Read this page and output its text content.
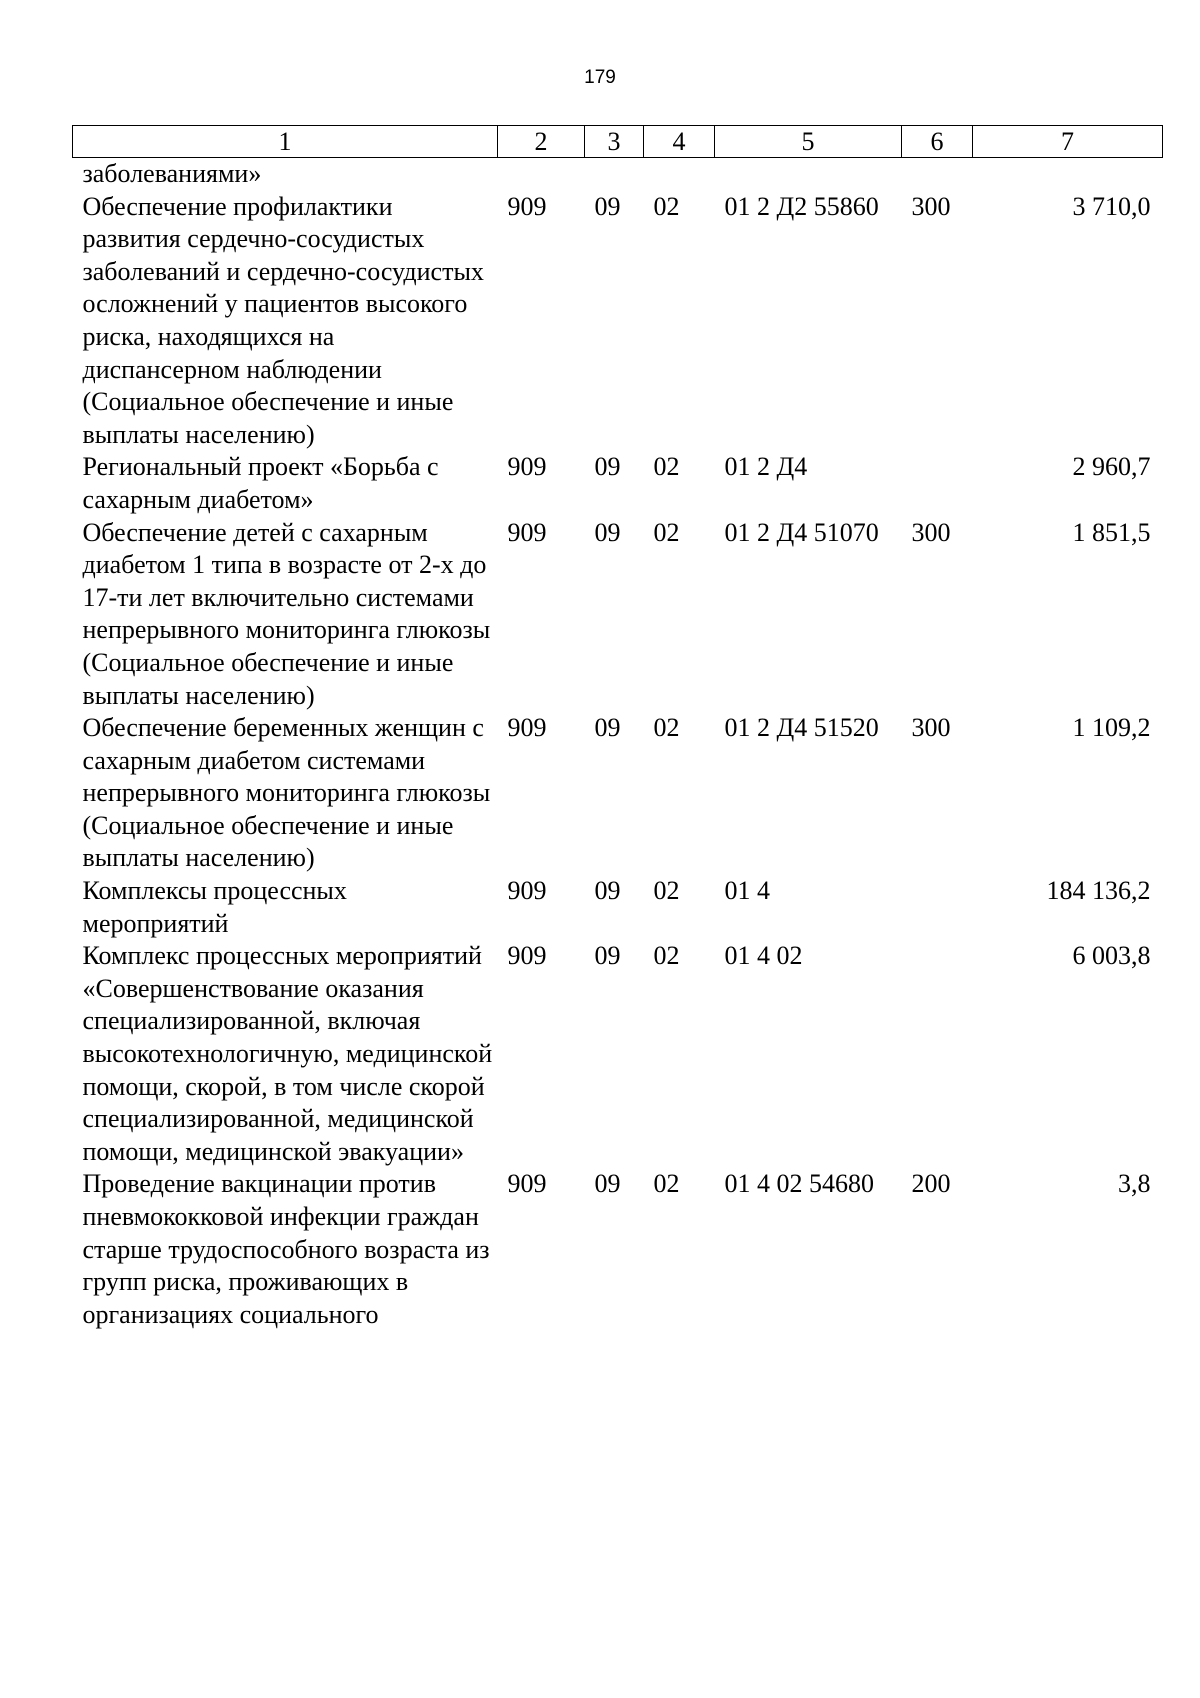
179
1	2	3	4	5	6	7
заболеваниями»						
Обеспечение профилактики развития сердечно-сосудистых заболеваний и сердечно-сосудистых осложнений у пациентов высокого риска, находящихся на диспансерном наблюдении (Социальное обеспечение и иные выплаты населению)	909	09	02	01 2 Д2 55860	300	3 710,0
Региональный проект «Борьба с сахарным диабетом»	909	09	02	01 2 Д4		2 960,7
Обеспечение детей с сахарным диабетом 1 типа в возрасте от 2-х до 17-ти лет включительно системами непрерывного мониторинга глюкозы (Социальное обеспечение и иные выплаты населению)	909	09	02	01 2 Д4 51070	300	1 851,5
Обеспечение беременных женщин с сахарным диабетом системами непрерывного мониторинга глюкозы (Социальное обеспечение и иные выплаты населению)	909	09	02	01 2 Д4 51520	300	1 109,2
Комплексы процессных мероприятий	909	09	02	01 4		184 136,2
Комплекс процессных мероприятий «Совершенствование оказания специализированной, включая высокотехнологичную, медицинской помощи, скорой, в том числе скорой специализированной, медицинской помощи, медицинской эвакуации»	909	09	02	01 4 02		6 003,8
Проведение вакцинации против пневмококковой инфекции граждан старше трудоспособного возраста из групп риска, проживающих в организациях социального	909	09	02	01 4 02 54680	200	3,8
